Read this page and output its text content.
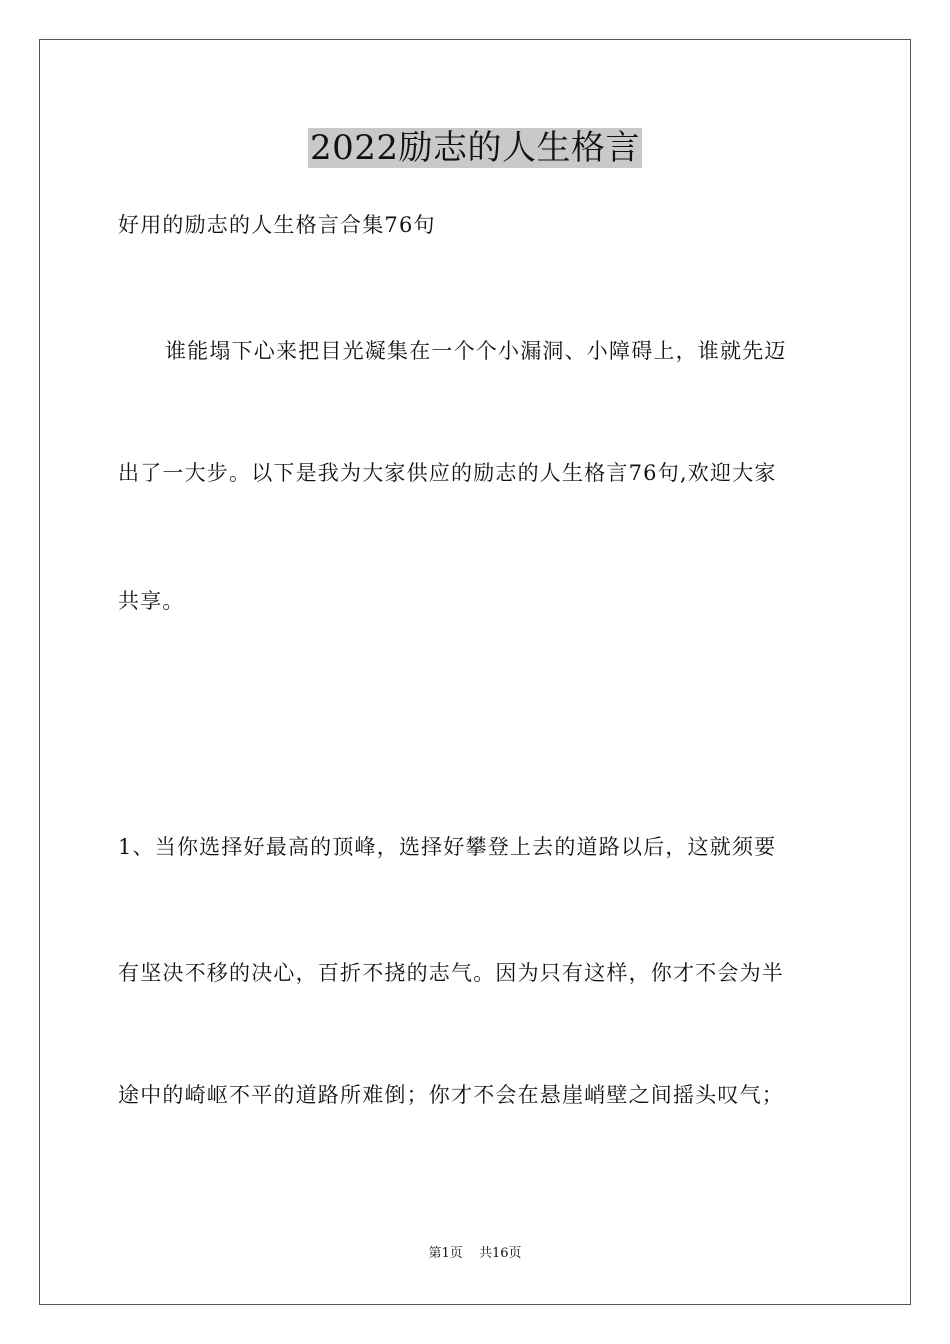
2022励志的人生格言
好用的励志的人生格言合集76句
谁能塌下心来把目光凝集在一个个小漏洞、小障碍上，谁就先迈
出了一大步。以下是我为大家供应的励志的人生格言76句,欢迎大家
共享。
1、当你选择好最高的顶峰，选择好攀登上去的道路以后，这就须要
有坚决不移的决心，百折不挠的志气。因为只有这样，你才不会为半
途中的崎岖不平的道路所难倒；你才不会在悬崖峭壁之间摇头叹气；
第1页 共16页
